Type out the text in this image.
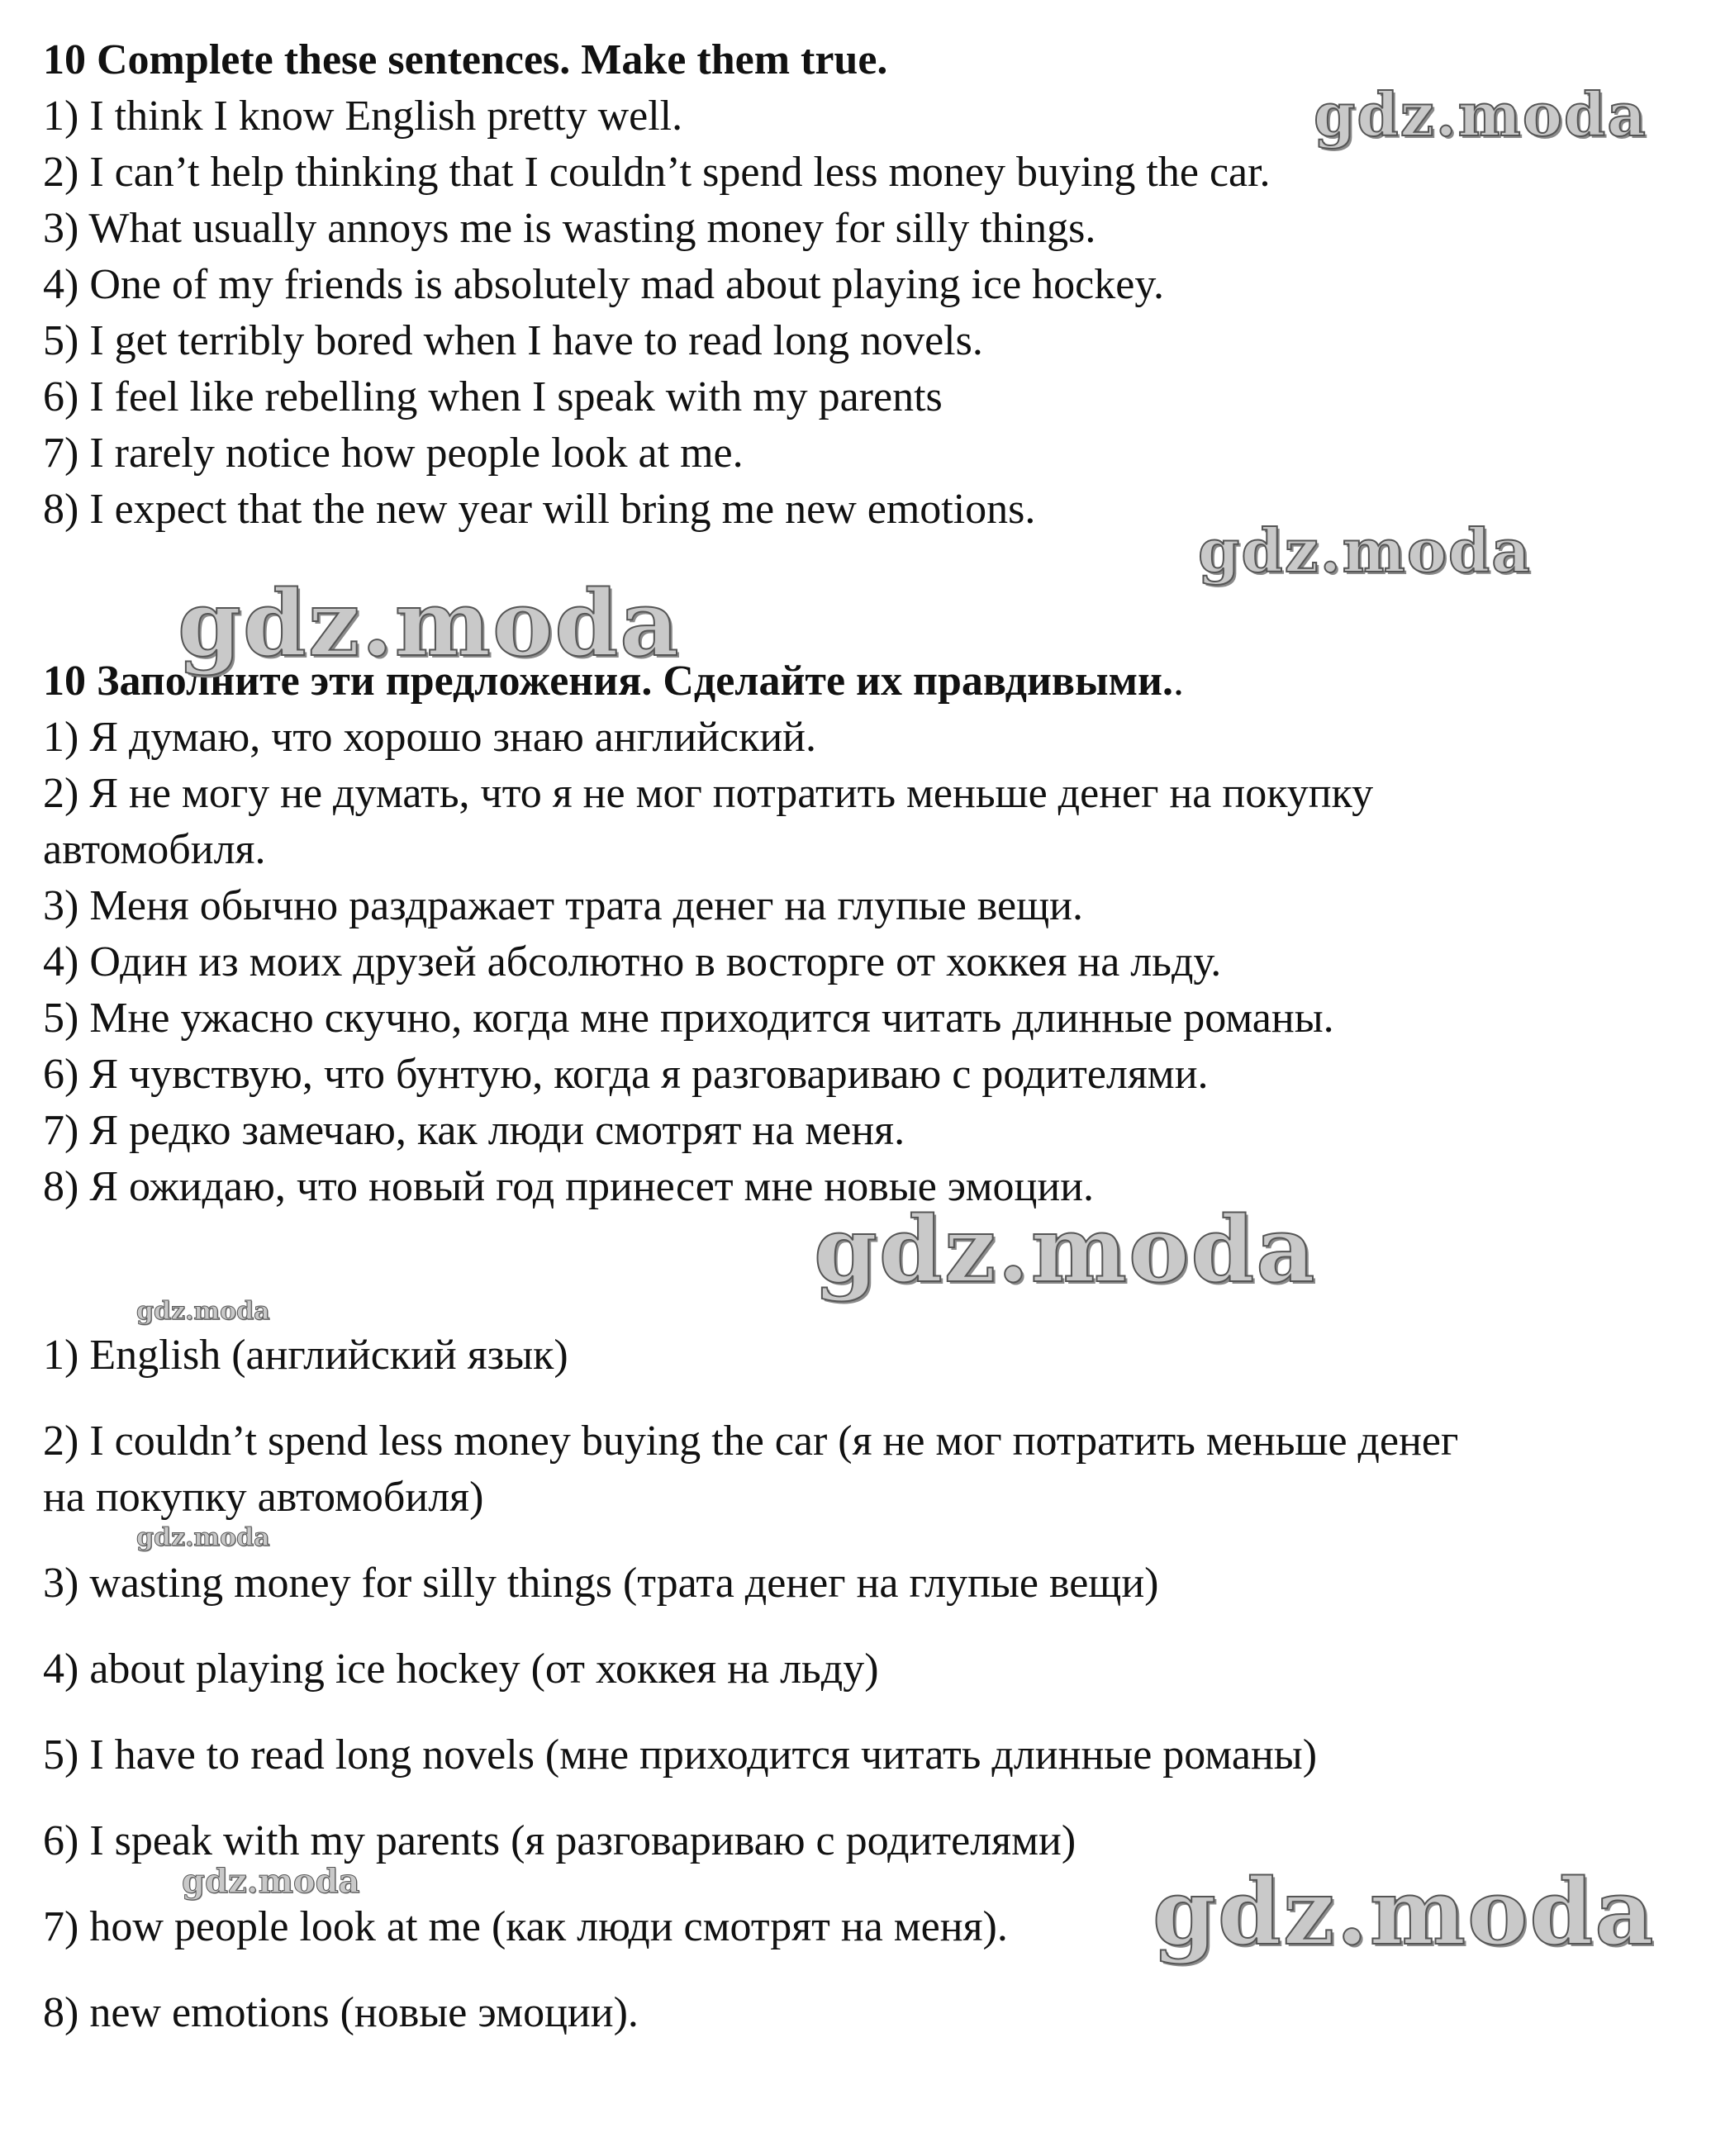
10 Complete these sentences. Make them true.

1) I think I know English pretty well.

2) I can’t help thinking that I couldn’t spend less money buying the car.

3) What usually annoys me is wasting money for silly things.

4) One of my friends is absolutely mad about playing ice hockey.

5) I get terribly bored when I have to read long novels.

6) I feel like rebelling when I speak with my parents

7) I rarely notice how people look at me.

8) I expect that the new year will bring me new emotions.

10 Заполните эти предложения. Сделайте их правдивыми..

1) Я думаю, что хорошо знаю английский.

2) Я не могу не думать, что я не мог потратить меньше денег на покупку

автомобиля.

3) Меня обычно раздражает трата денег на глупые вещи.

4) Один из моих друзей абсолютно в восторге от хоккея на льду.

5) Мне ужасно скучно, когда мне приходится читать длинные романы.

6) Я чувствую, что бунтую, когда я разговариваю с родителями.

7) Я редко замечаю, как люди смотрят на меня.

8) Я ожидаю, что новый год принесет мне новые эмоции.

1) English (английский язык)

2) I couldn’t spend less money buying the car (я не мог потратить меньше денег

на покупку автомобиля)

3) wasting money for silly things (трата денег на глупые вещи)

4) about playing ice hockey (от хоккея на льду)

5) I have to read long novels (мне приходится читать длинные романы)

6) I speak with my parents (я разговариваю с родителями)

7) how people look at me (как люди смотрят на меня).

8) new emotions (новые эмоции).

gdz.moda
gdz.moda
gdz.moda
gdz.moda
gdz.moda
gdz.moda
gdz.moda	gdz.moda
